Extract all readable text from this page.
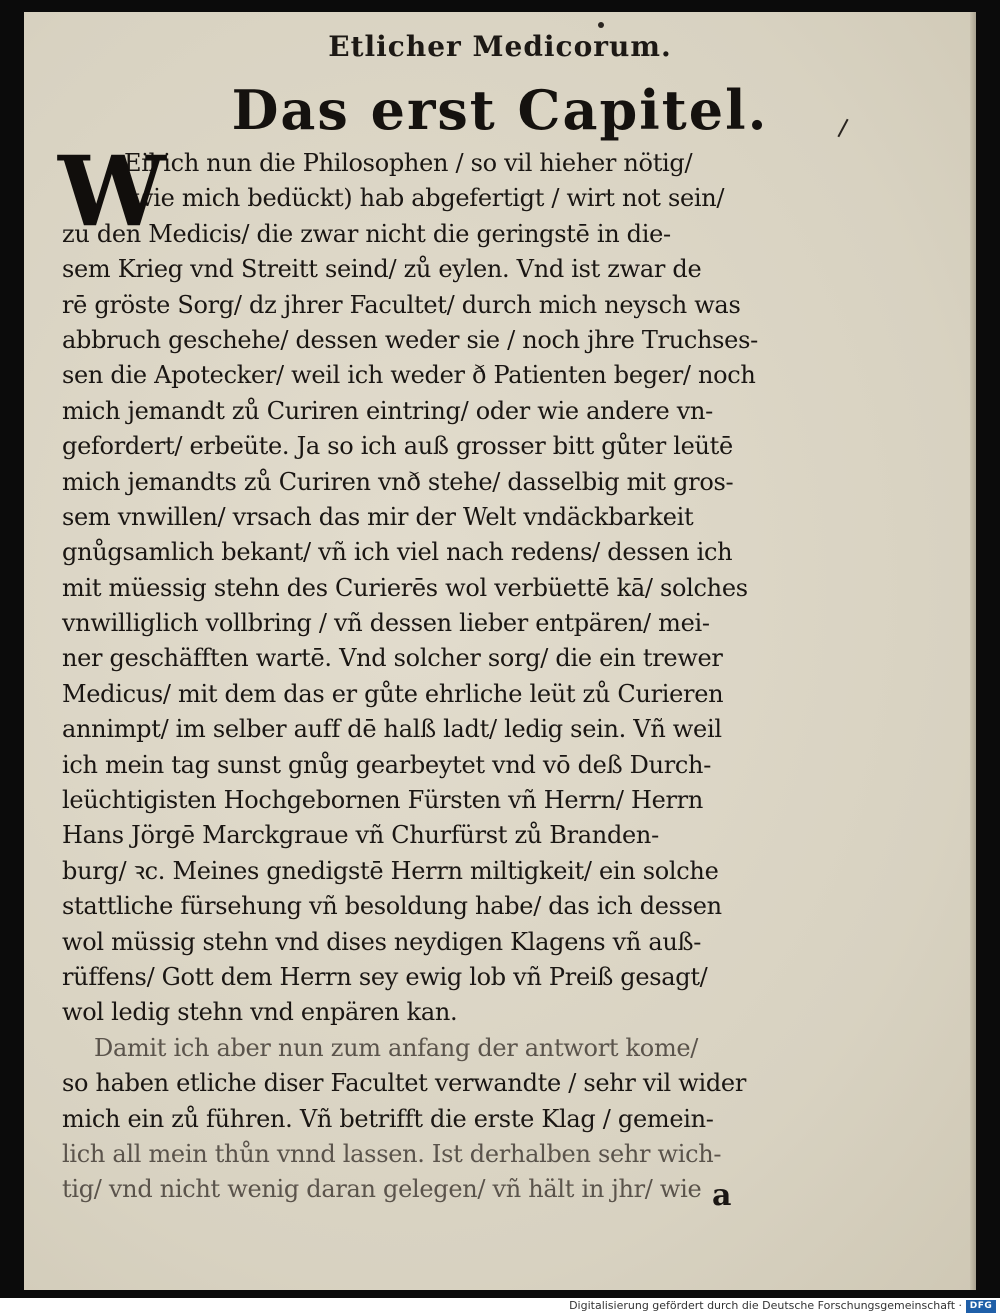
Etlicher Medicorum.
Das erst Capitel.
W
Eil ich nun die Philosophen / so vil hieher nötig/
(wie mich bedückt) hab abgefertigt / wirt not sein/
zu den Medicis/ die zwar nicht die geringstē in die-
sem Krieg vnd Streitt seind/ zů eylen. Vnd ist zwar de
rē gröste Sorg/ dz jhrer Facultet/ durch mich neysch was
abbruch geschehe/ dessen weder sie / noch jhre Truchses-
sen die Apotecker/ weil ich weder ð Patienten beger/ noch
mich jemandt zů Curiren eintring/ oder wie andere vn-
gefordert/ erbeüte. Ja so ich auß grosser bitt gůter leütē
mich jemandts zů Curiren vnð stehe/ dasselbig mit gros-
sem vnwillen/ vrsach das mir der Welt vndäckbarkeit
gnůgsamlich bekant/ vñ ich viel nach redens/ dessen ich
mit müessig stehn des Curierēs wol verbüettē kā/ solches
vnwilliglich vollbring / vñ dessen lieber entpären/ mei-
ner geschäfften wartē. Vnd solcher sorg/ die ein trewer
Medicus/ mit dem das er gůte ehrliche leüt zů Curieren
annimpt/ im selber auff dē halß ladt/ ledig sein. Vñ weil
ich mein tag sunst gnůg gearbeytet vnd vō deß Durch-
leüchtigisten Hochgebornen Fürsten vñ Herrn/ Herrn
Hans Jörgē Marckgraue vñ Churfürst zů Branden-
burg/ ꝛc. Meines gnedigstē Herrn miltigkeit/ ein solche
stattliche fürsehung vñ besoldung habe/ das ich dessen
wol müssig stehn vnd dises neydigen Klagens vñ auß-
rüffens/ Gott dem Herrn sey ewig lob vñ Preiß gesagt/
wol ledig stehn vnd enpären kan.
Damit ich aber nun zum anfang der antwort kome/
so haben etliche diser Facultet verwandte / sehr vil wider
mich ein zů führen. Vñ betrifft die erste Klag / gemein-
lich all mein thůn vnnd lassen. Ist derhalben sehr wich-
tig/ vnd nicht wenig daran gelegen/ vñ hält in jhr/ wie a
Digitalisierung gefördert durch die Deutsche Forschungsgemeinschaft · DFG
